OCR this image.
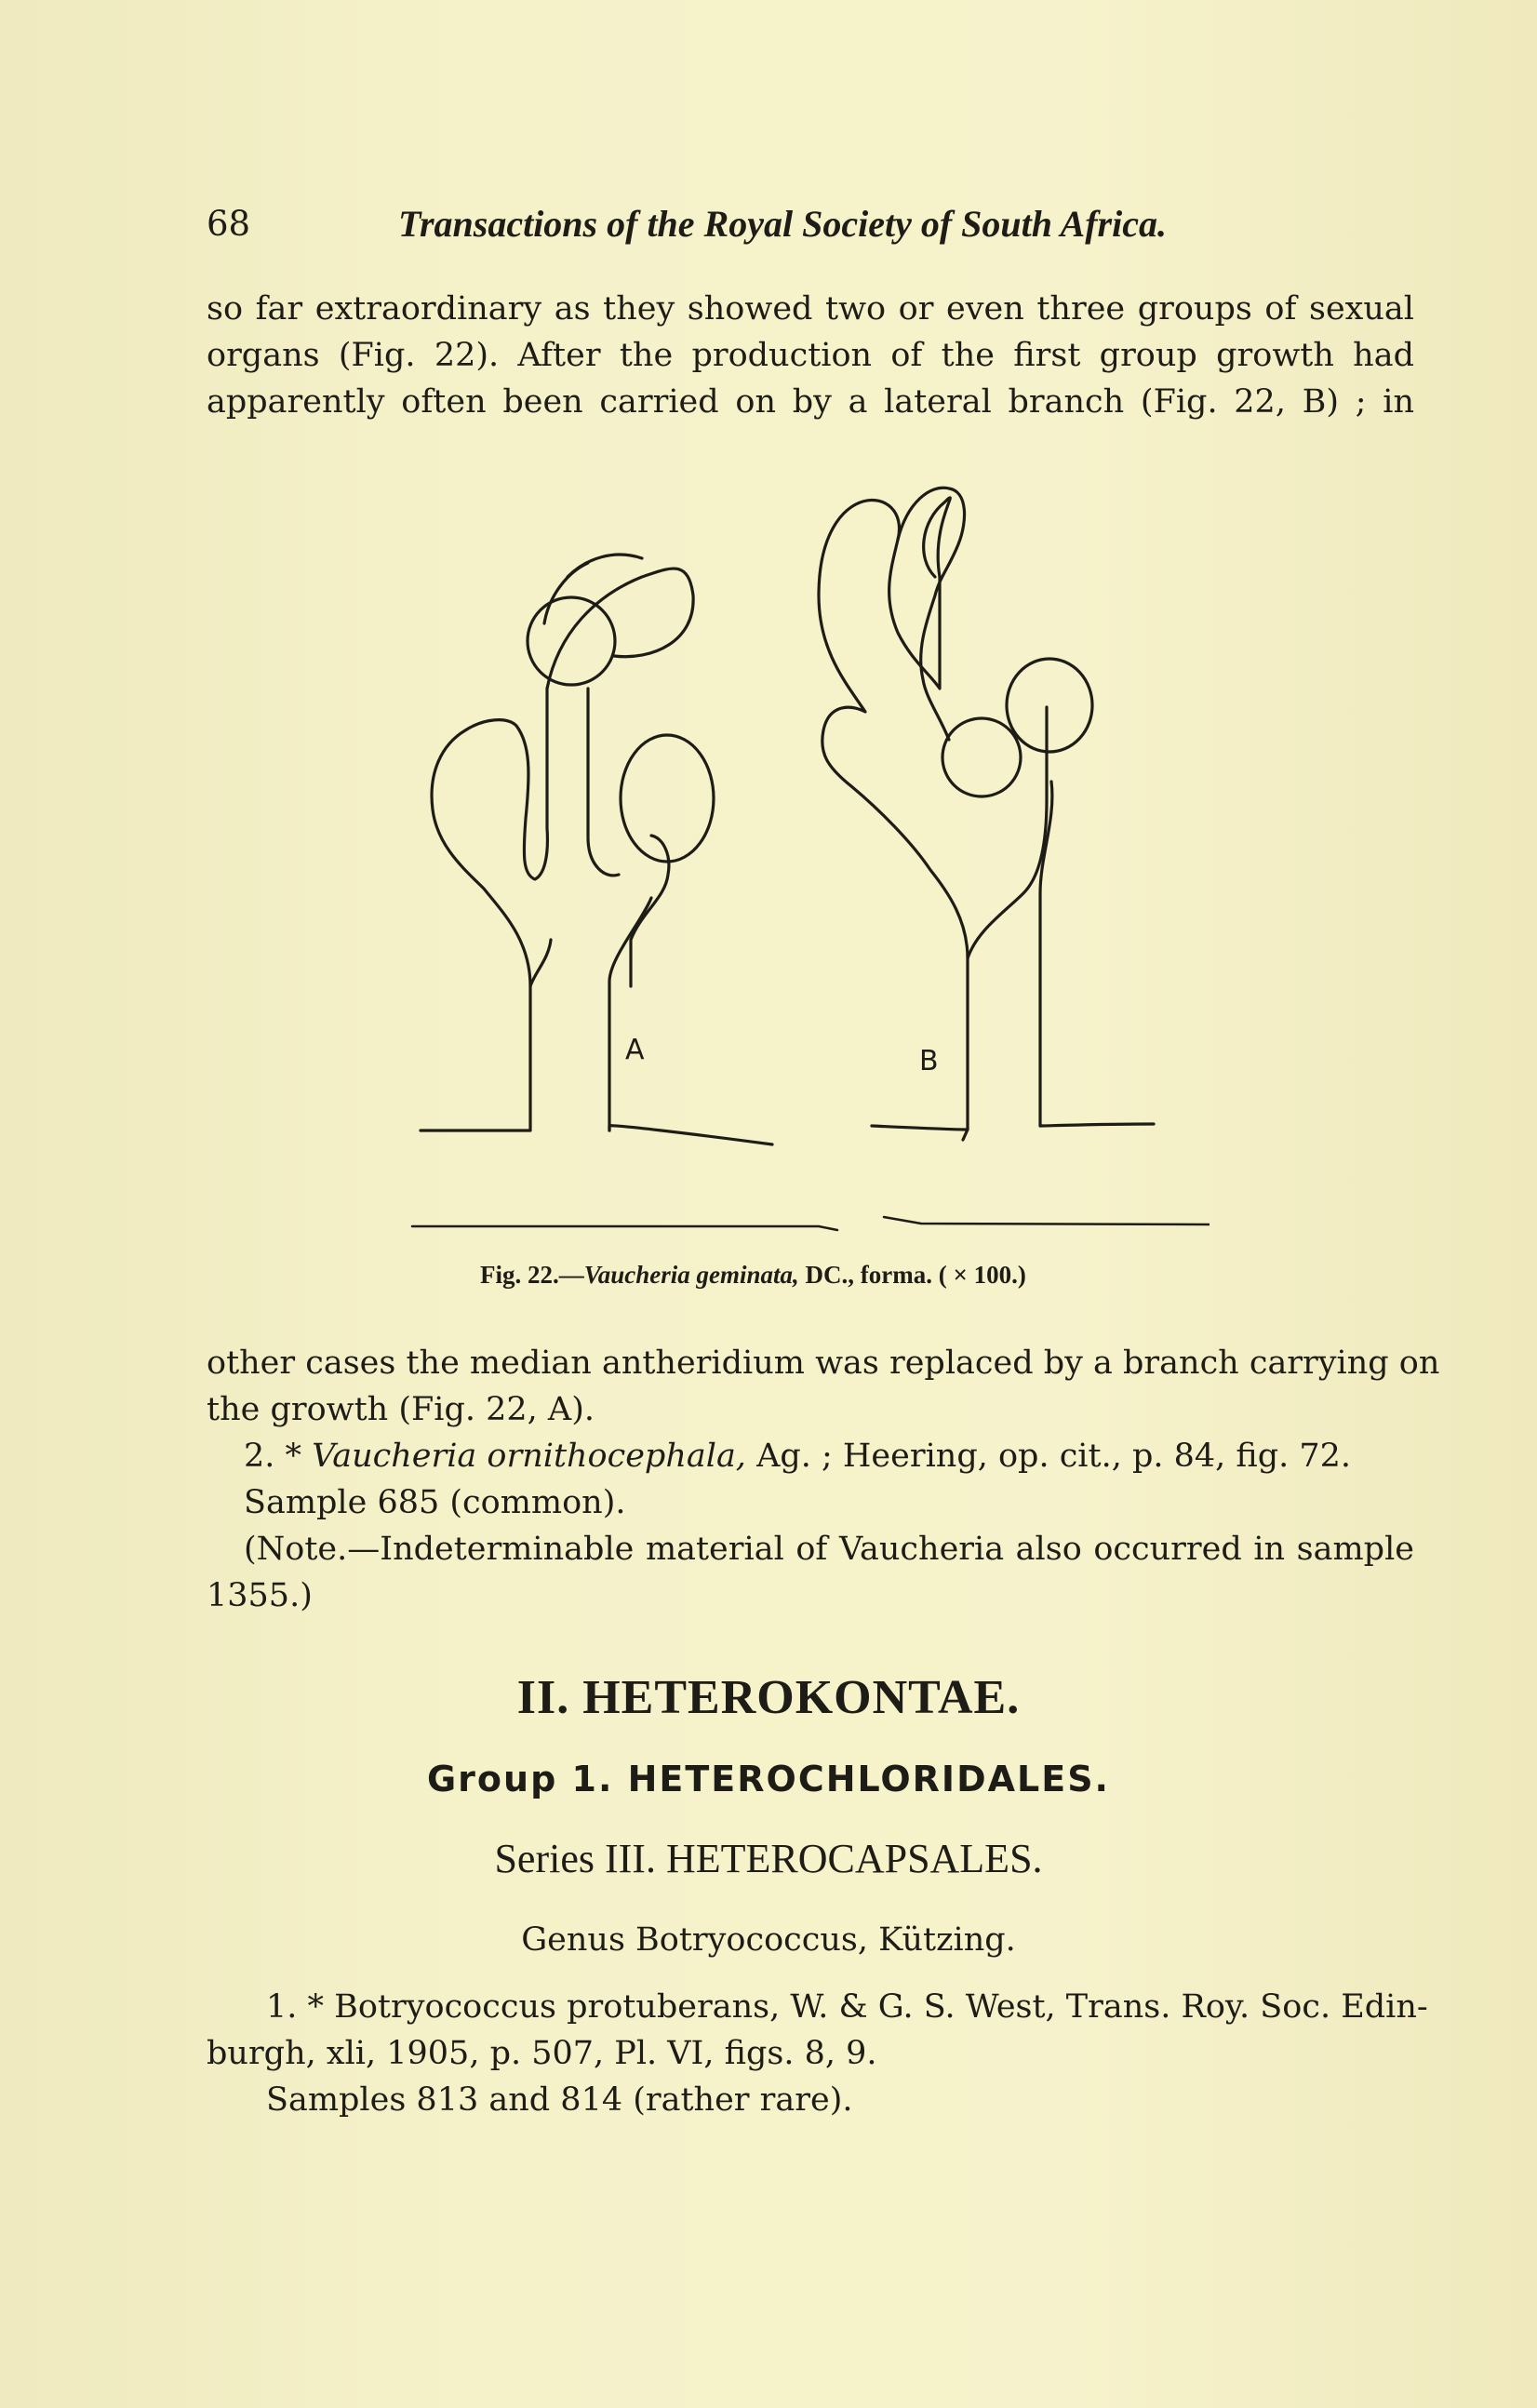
68	Transactions of the Royal Society of South Africa.
so far extraordinary as they showed two or even three groups of sexual
organs (Fig. 22). After the production of the first group growth had
apparently often been carried on by a lateral branch (Fig. 22, B) ; in
A	B
Fig. 22.—Vaucheria geminata, DC., forma. ( × 100.)
other cases the median antheridium was replaced by a branch carrying on
the growth (Fig. 22, A).
2. * Vaucheria ornithocephala, Ag. ; Heering, op. cit., p. 84, fig. 72.
Sample 685 (common).
(Note.—Indeterminable material of Vaucheria also occurred in sample
1355.)
II. HETEROKONTAE.
Group 1. HETEROCHLORIDALES.
Series III. HETEROCAPSALES.
Genus Botryococcus, Kützing.
1. * Botryococcus protuberans, W. & G. S. West, Trans. Roy. Soc. Edin-
burgh, xli, 1905, p. 507, Pl. VI, figs. 8, 9.
Samples 813 and 814 (rather rare).
